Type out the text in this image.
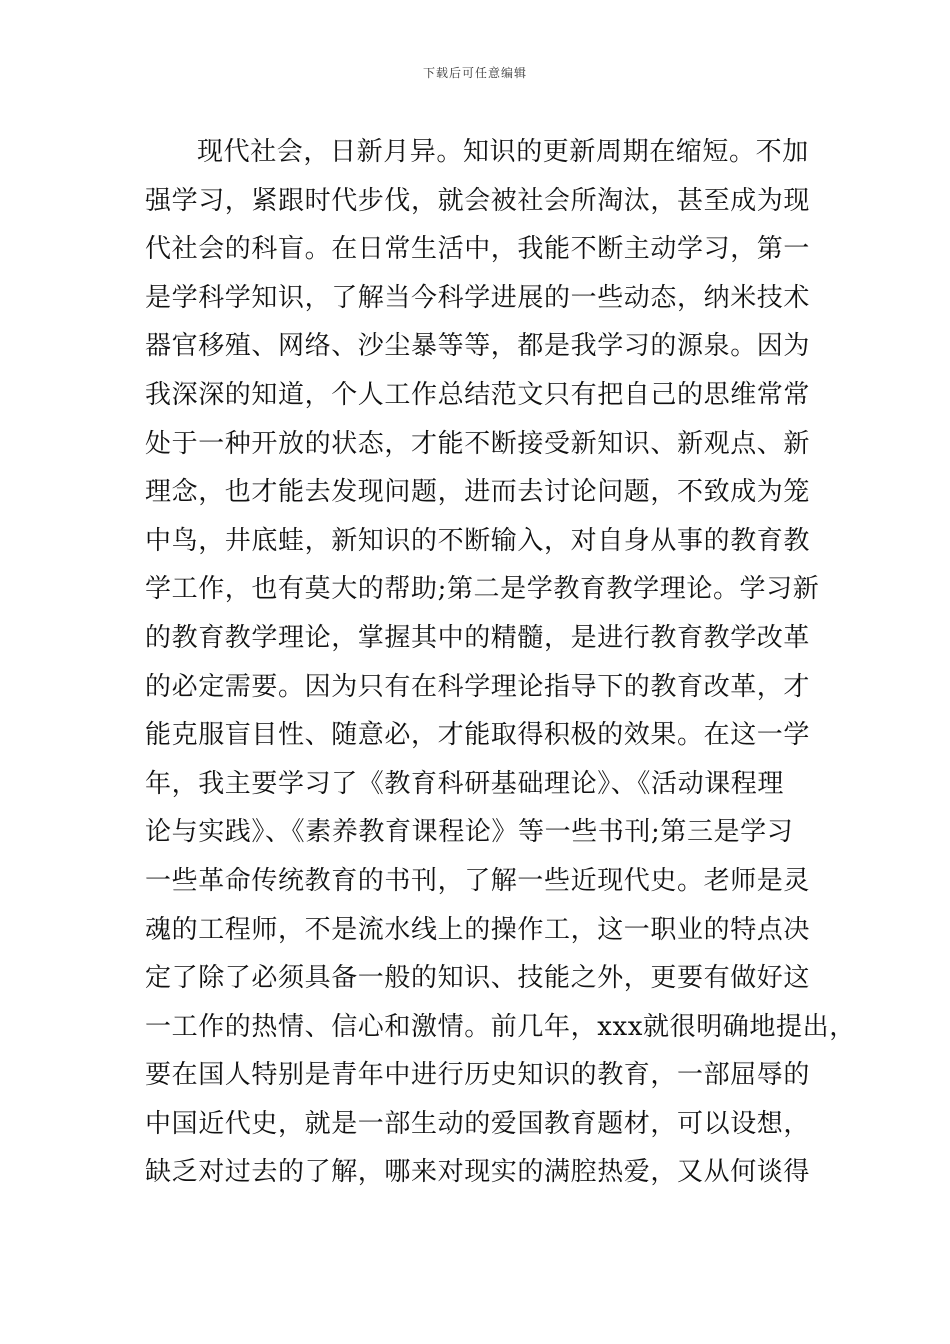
下载后可任意编辑
现代社会，日新月异。知识的更新周期在缩短。不加
强学习，紧跟时代步伐，就会被社会所淘汰，甚至成为现
代社会的科盲。在日常生活中，我能不断主动学习，第一
是学科学知识，了解当今科学进展的一些动态，纳米技术
器官移殖、网络、沙尘暴等等，都是我学习的源泉。因为
我深深的知道，个人工作总结范文只有把自己的思维常常
处于一种开放的状态，才能不断接受新知识、新观点、新
理念，也才能去发现问题，进而去讨论问题，不致成为笼
中鸟，井底蛙，新知识的不断输入，对自身从事的教育教
学工作，也有莫大的帮助;第二是学教育教学理论。学习新
的教育教学理论，掌握其中的精髓，是进行教育教学改革
的必定需要。因为只有在科学理论指导下的教育改革，才
能克服盲目性、随意必，才能取得积极的效果。在这一学
年，我主要学习了《教育科研基础理论》、《活动课程理
论与实践》、《素养教育课程论》等一些书刊;第三是学习
一些革命传统教育的书刊，了解一些近现代史。老师是灵
魂的工程师，不是流水线上的操作工，这一职业的特点决
定了除了必须具备一般的知识、技能之外，更要有做好这
一工作的热情、信心和激情。前几年，xxx就很明确地提出，
要在国人特别是青年中进行历史知识的教育，一部屈辱的
中国近代史，就是一部生动的爱国教育题材，可以设想，
缺乏对过去的了解，哪来对现实的满腔热爱，又从何谈得
